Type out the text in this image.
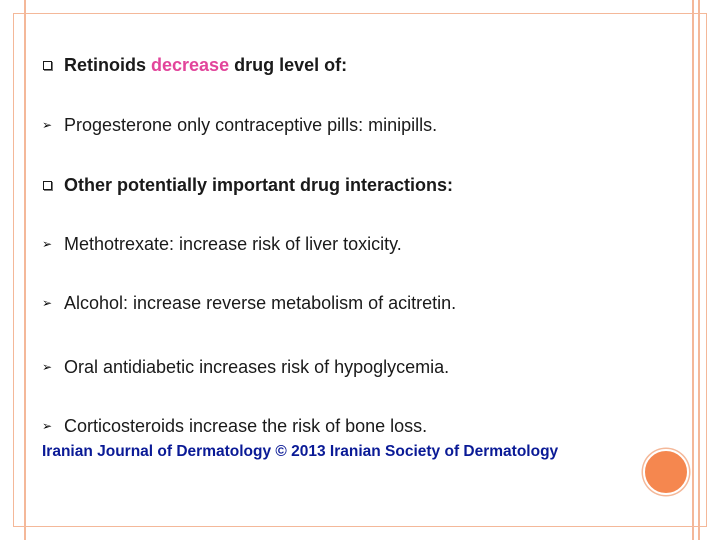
Retinoids decrease drug level of:
➢ Progesterone only contraceptive pills: minipills.
Other potentially important drug interactions:
➢ Methotrexate: increase risk of liver toxicity.
➢ Alcohol: increase reverse metabolism of acitretin.
➢ Oral antidiabetic increases risk of hypoglycemia.
➢ Corticosteroids increase the risk of bone loss.
Iranian Journal of Dermatology © 2013 Iranian Society of Dermatology
